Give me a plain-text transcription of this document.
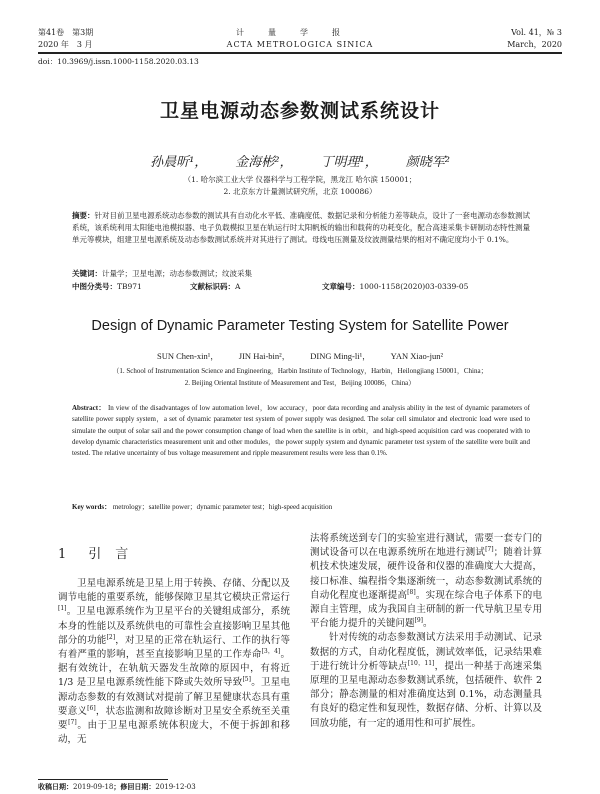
第41卷　第3期
2020 年　3 月
计量学报
ACTA METROLOGICA SINICA
Vol. 41，№ 3
March，2020
doi：10.3969/j.issn.1000-1158.2020.03.13
卫星电源动态参数测试系统设计
孙晨昕¹， 金海彬²， 丁明理¹， 颜晓军²
（1. 哈尔滨工业大学 仪器科学与工程学院，黑龙江 哈尔滨 150001；
2. 北京东方计量测试研究所，北京 100086）
摘要：针对目前卫星电源系统动态参数的测试具有自动化水平低、准确度低、数据记录和分析能力差等缺点，设计了一套电源动态参数测试系统，该系统利用太阳能电池模拟器、电子负载模拟卫星在轨运行时太阳帆板的输出和载荷的功耗变化，配合高速采集卡研制动态特性测量单元等模块，组建卫星电源系统及动态参数测试系统并对其进行了测试。母线电压测量及纹波测量结果的相对不确定度均小于 0.1%。
关键词：计量学；卫星电源；动态参数测试；纹波采集
中图分类号：TB971	文献标识码：A	文章编号：1000-1158(2020)03-0339-05
Design of Dynamic Parameter Testing System for Satellite Power
SUN Chen-xin¹， JIN Hai-bin²， DING Ming-li¹， YAN Xiao-jun²
（1. School of Instrumentation Science and Engineering，Harbin Institute of Technology，Harbin，Heilongjiang 150001，China；
2. Beijing Oriental Institute of Measurement and Test，Beijing 100086，China）
Abstract： In view of the disadvantages of low automation level，low accuracy，poor data recording and analysis ability in the test of dynamic parameters of satellite power supply system，a set of dynamic parameter test system of power supply was designed. The solar cell simulator and electronic load were used to simulate the output of solar sail and the power consumption change of load when the satellite is in orbit，and high-speed acquisition card was cooperated with to develop dynamic characteristics measurement unit and other modules，the power supply system and dynamic parameter test system of the satellite were built and tested. The relative uncertainty of bus voltage measurement and ripple measurement results were less than 0.1%.
Key words： metrology；satellite power；dynamic parameter test；high-speed acquisition
1 引言

卫星电源系统是卫星上用于转换、存储、分配以及调节电能的重要系统，能够保障卫星其它模块正常运行[1]。卫星电源系统作为卫星平台的关键组成部分，系统本身的性能以及系统供电的可靠性会直接影响卫星其他部分的功能[2]，对卫星的正常在轨运行、工作的执行等有着严重的影响，甚至直接影响卫星的工作寿命[3，4]。据有效统计，在轨航天器发生故障的原因中，有将近 1/3 是卫星电源系统性能下降或失效所导致[5]。卫星电源动态参数的有效测试对提前了解卫星健康状态具有重要意义[6]，状态监测和故障诊断对卫星安全系统至关重要[7]。由于卫星电源系统体积庞大，不便于拆卸和移动，无

法将系统送到专门的实验室进行测试，需要一套专门的测试设备可以在电源系统所在地进行测试[7]；随着计算机技术快速发展，硬件设备和仪器的准确度大大提高，接口标准、编程指令集逐渐统一，动态参数测试系统的自动化程度也逐渐提高[8]。实现在综合电子体系下的电源自主管理，成为我国自主研制的新一代导航卫星专用平台能力提升的关键问题[9]。

针对传统的动态参数测试方法采用手动测试、记录数据的方式，自动化程度低，测试效率低，记录结果难于进行统计分析等缺点[10，11]，提出一种基于高速采集原理的卫星电源动态参数测试系统，包括硬件、软件 2 部分；静态测量的相对准确度达到 0.1%，动态测量具有良好的稳定性和复现性，数据存储、分析、计算以及回放功能，有一定的通用性和可扩展性。

收稿日期：2019-09-18；修回日期：2019-12-03
